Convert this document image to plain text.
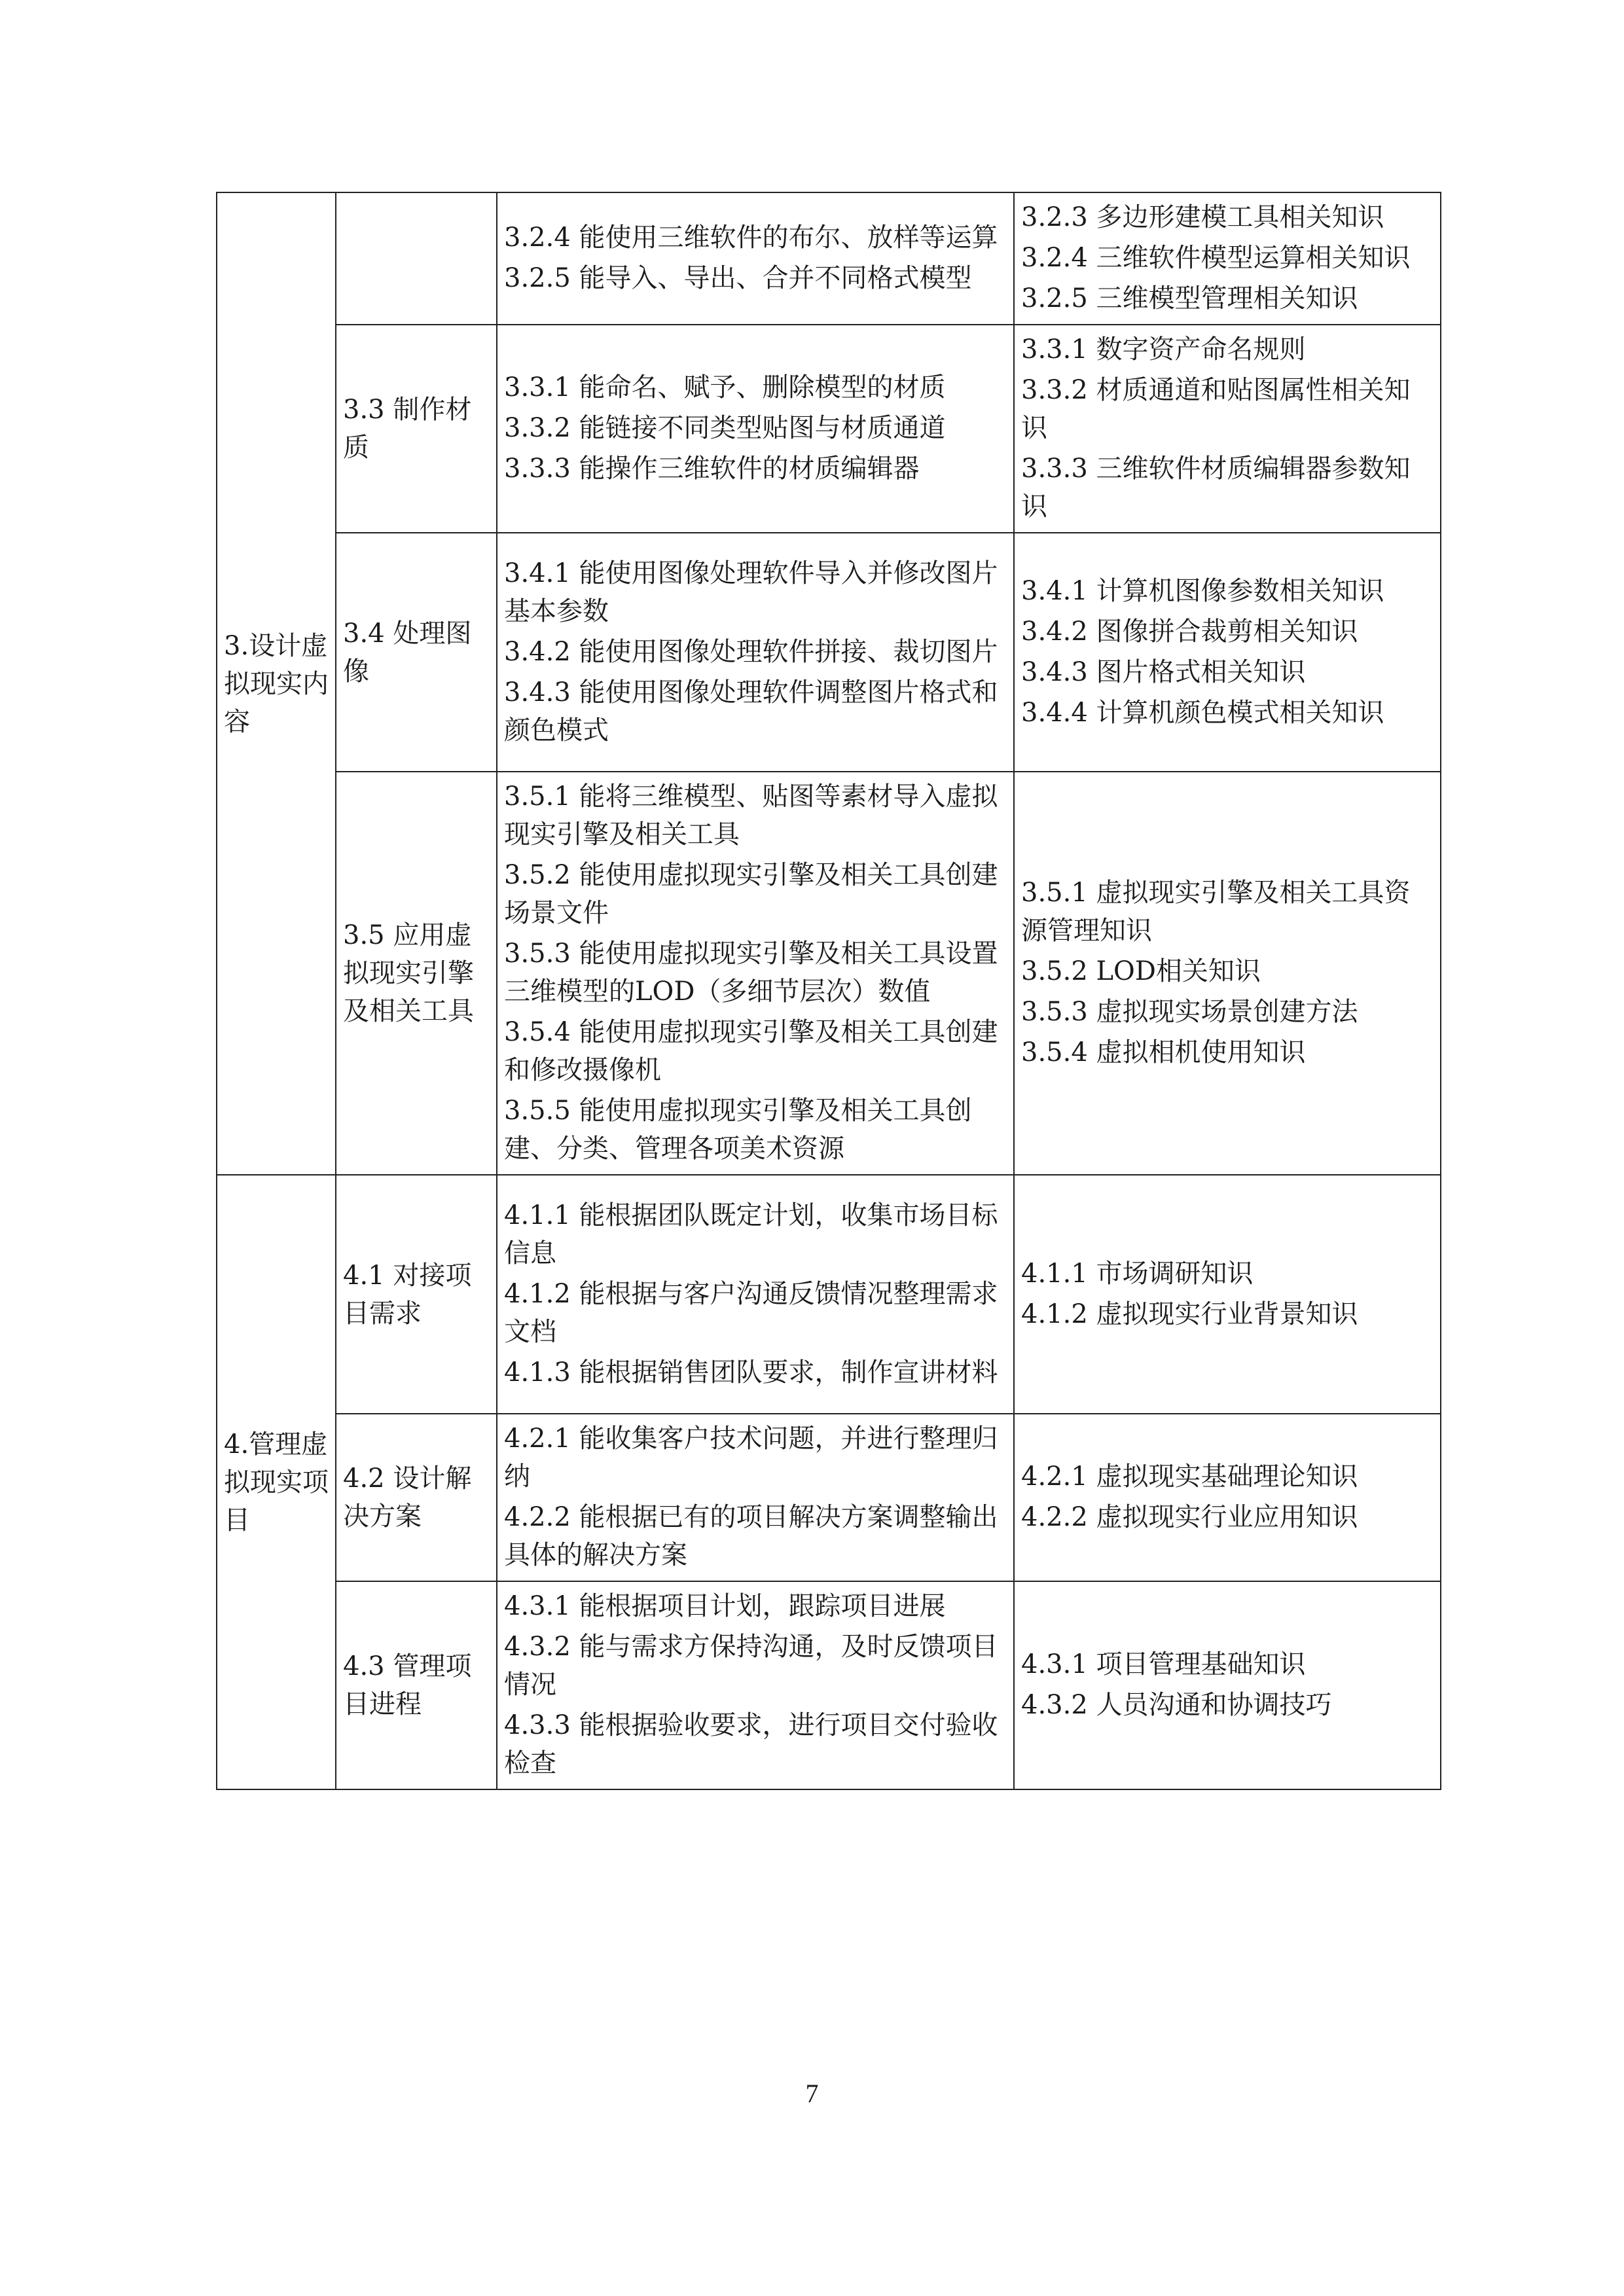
3.设计虚拟现实内容		3.2.4 能使用三维软件的布尔、放样等运算
3.2.5 能导入、导出、合并不同格式模型	3.2.3 多边形建模工具相关知识
3.2.4 三维软件模型运算相关知识
3.2.5 三维模型管理相关知识

	3.3 制作材质	3.3.1 能命名、赋予、删除模型的材质
3.3.2 能链接不同类型贴图与材质通道
3.3.3 能操作三维软件的材质编辑器	3.3.1 数字资产命名规则
3.3.2 材质通道和贴图属性相关知识
3.3.3 三维软件材质编辑器参数知识

	3.4 处理图像	3.4.1 能使用图像处理软件导入并修改图片基本参数
3.4.2 能使用图像处理软件拼接、裁切图片
3.4.3 能使用图像处理软件调整图片格式和颜色模式	3.4.1 计算机图像参数相关知识
3.4.2 图像拼合裁剪相关知识
3.4.3 图片格式相关知识
3.4.4 计算机颜色模式相关知识

	3.5 应用虚拟现实引擎及相关工具	3.5.1 能将三维模型、贴图等素材导入虚拟现实引擎及相关工具
3.5.2 能使用虚拟现实引擎及相关工具创建场景文件
3.5.3 能使用虚拟现实引擎及相关工具设置三维模型的LOD（多细节层次）数值
3.5.4 能使用虚拟现实引擎及相关工具创建和修改摄像机
3.5.5 能使用虚拟现实引擎及相关工具创建、分类、管理各项美术资源	3.5.1 虚拟现实引擎及相关工具资源管理知识
3.5.2 LOD相关知识
3.5.3 虚拟现实场景创建方法
3.5.4 虚拟相机使用知识

4.管理虚拟现实项目	4.1 对接项目需求	4.1.1 能根据团队既定计划，收集市场目标信息
4.1.2 能根据与客户沟通反馈情况整理需求文档
4.1.3 能根据销售团队要求，制作宣讲材料	4.1.1 市场调研知识
4.1.2 虚拟现实行业背景知识

	4.2 设计解决方案	4.2.1 能收集客户技术问题，并进行整理归纳
4.2.2 能根据已有的项目解决方案调整输出具体的解决方案	4.2.1 虚拟现实基础理论知识
4.2.2 虚拟现实行业应用知识

	4.3 管理项目进程	4.3.1 能根据项目计划，跟踪项目进展
4.3.2 能与需求方保持沟通，及时反馈项目情况
4.3.3 能根据验收要求，进行项目交付验收检查	4.3.1 项目管理基础知识
4.3.2 人员沟通和协调技巧
7
